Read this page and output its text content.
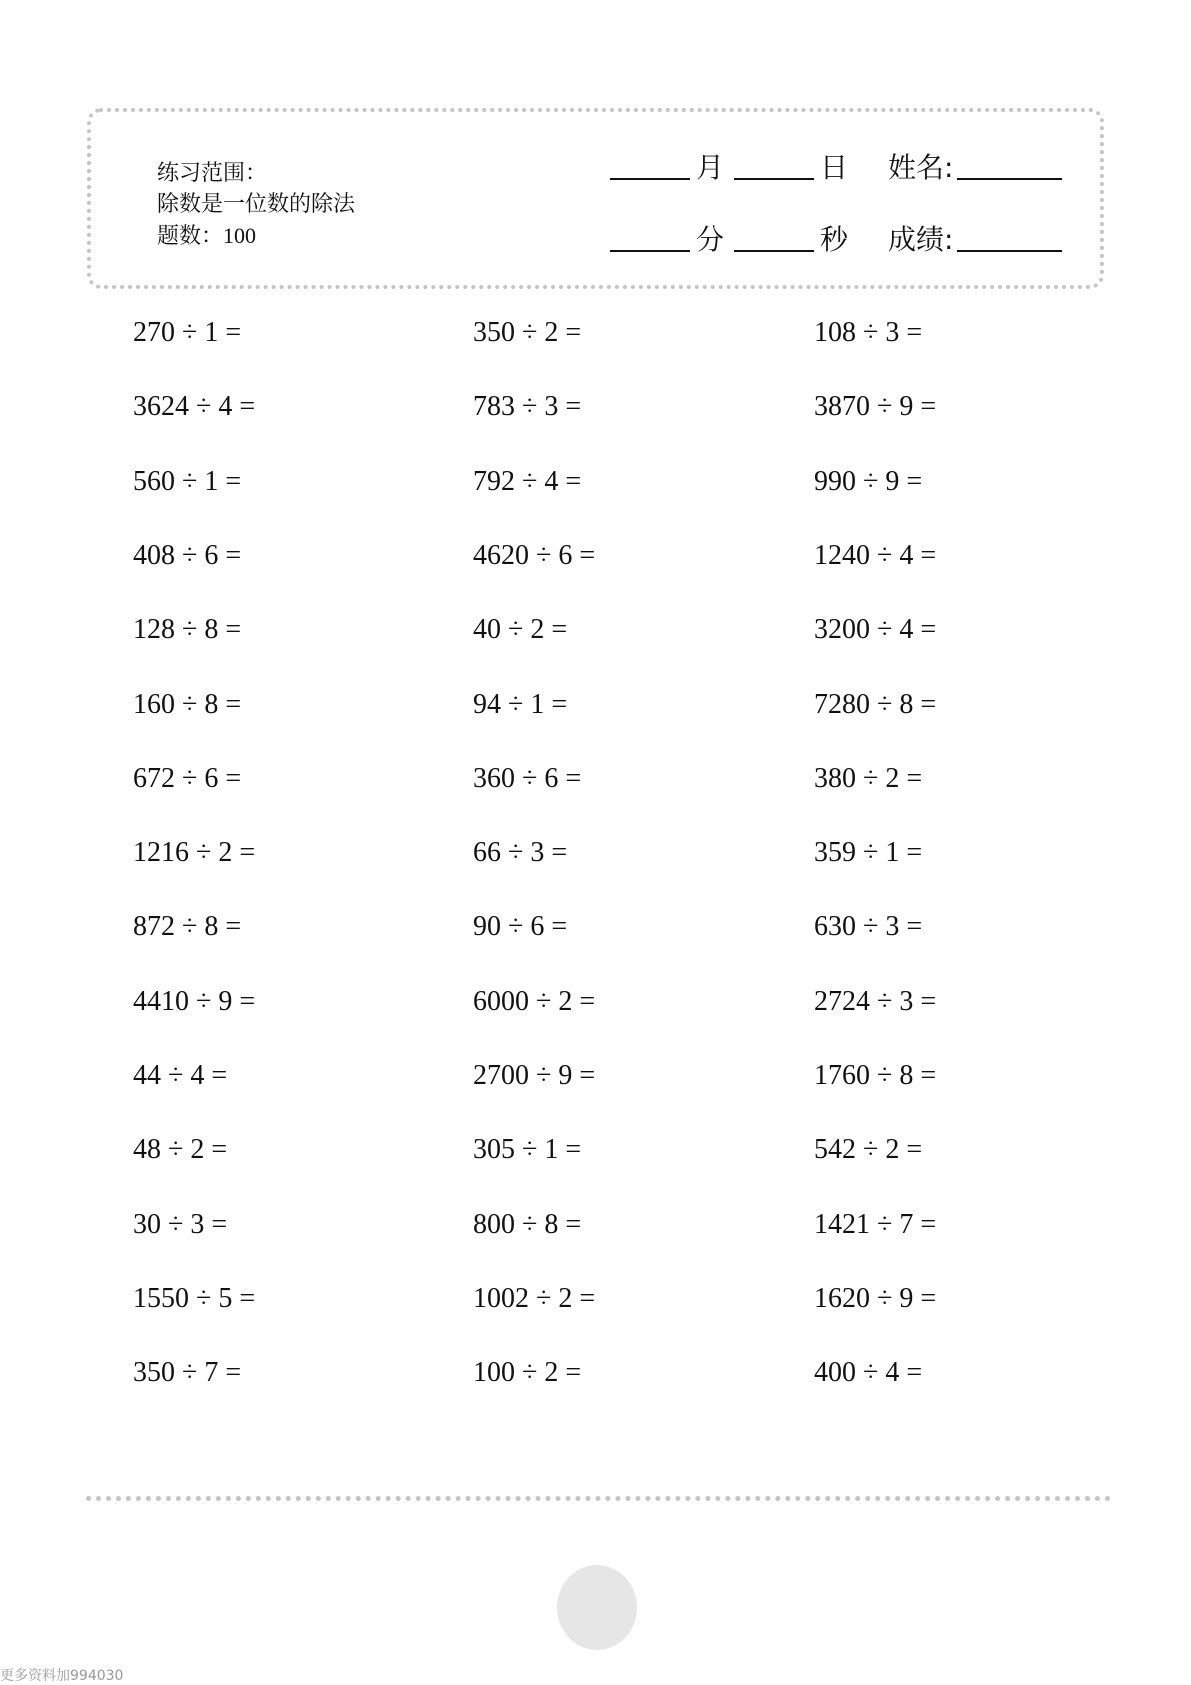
练习范围：
除数是一位数的除法
题数：100
月	日 姓名:
分	秒 成绩:
270 ÷ 1 =	350 ÷ 2 =	108 ÷ 3 =
3624 ÷ 4 =	783 ÷ 3 =	3870 ÷ 9 =
560 ÷ 1 =	792 ÷ 4 =	990 ÷ 9 =
408 ÷ 6 =	4620 ÷ 6 =	1240 ÷ 4 =
128 ÷ 8 =	40 ÷ 2 =	3200 ÷ 4 =
160 ÷ 8 =	94 ÷ 1 =	7280 ÷ 8 =
672 ÷ 6 =	360 ÷ 6 =	380 ÷ 2 =
1216 ÷ 2 =	66 ÷ 3 =	359 ÷ 1 =
872 ÷ 8 =	90 ÷ 6 =	630 ÷ 3 =
4410 ÷ 9 =	6000 ÷ 2 =	2724 ÷ 3 =
44 ÷ 4 =	2700 ÷ 9 =	1760 ÷ 8 =
48 ÷ 2 =	305 ÷ 1 =	542 ÷ 2 =
30 ÷ 3 =	800 ÷ 8 =	1421 ÷ 7 =
1550 ÷ 5 =	1002 ÷ 2 =	1620 ÷ 9 =
350 ÷ 7 =	100 ÷ 2 =	400 ÷ 4 =
更多资料加994030
